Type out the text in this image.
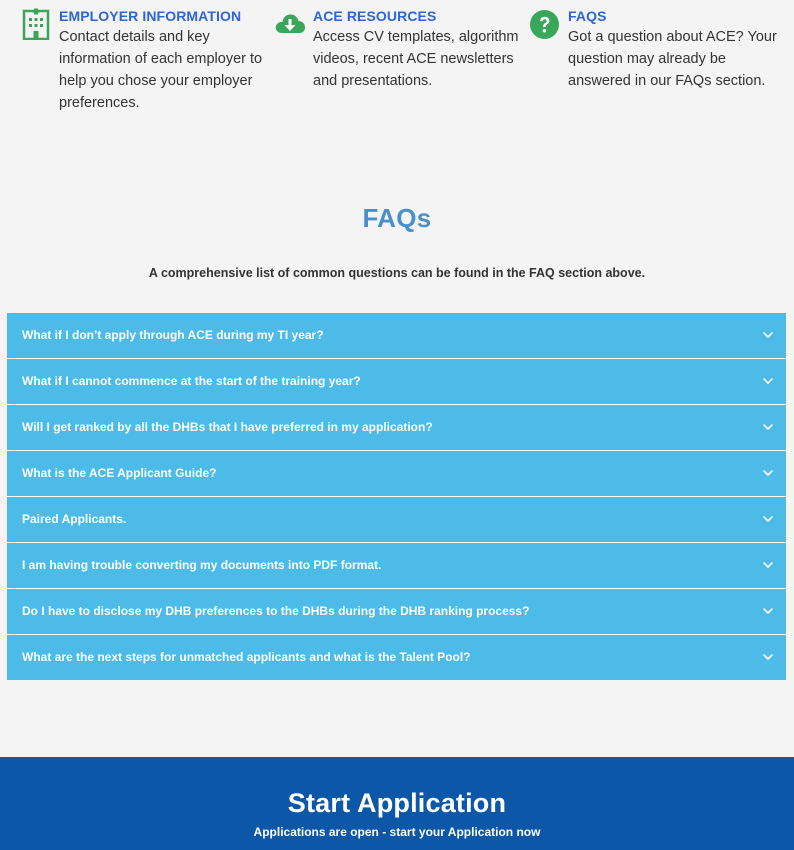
EMPLOYER INFORMATION
Contact details and key information of each employer to help you chose your employer preferences.
ACE RESOURCES
Access CV templates, algorithm videos, recent ACE newsletters and presentations.
FAQS
Got a question about ACE? Your question may already be answered in our FAQs section.
FAQs
A comprehensive list of common questions can be found in the FAQ section above.
What if I don’t apply through ACE during my TI year?
What if I cannot commence at the start of the training year?
Will I get ranked by all the DHBs that I have preferred in my application?
What is the ACE Applicant Guide?
Paired Applicants.
I am having trouble converting my documents into PDF format.
Do I have to disclose my DHB preferences to the DHBs during the DHB ranking process?
What are the next steps for unmatched applicants and what is the Talent Pool?
Start Application
Applications are open - start your Application now
